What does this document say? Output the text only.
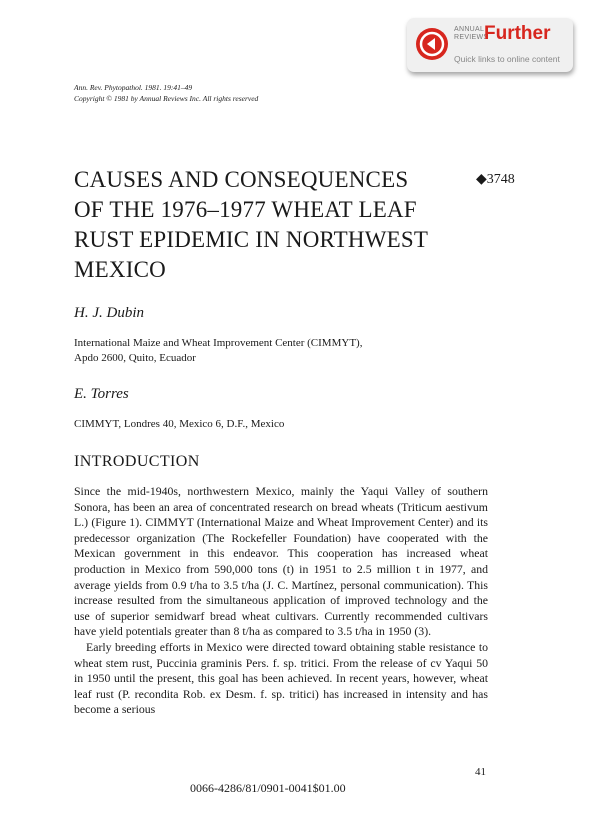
ANNUAL
REVIEWS
Further
Quick links to online content
Ann. Rev. Phytopathol. 1981. 19:41–49
Copyright © 1981 by Annual Reviews Inc. All rights reserved
CAUSES AND CONSEQUENCES
OF THE 1976–1977 WHEAT LEAF
RUST EPIDEMIC IN NORTHWEST
MEXICO
◆3748
H. J. Dubin
International Maize and Wheat Improvement Center (CIMMYT),
Apdo 2600, Quito, Ecuador
E. Torres
CIMMYT, Londres 40, Mexico 6, D.F., Mexico
INTRODUCTION

Since the mid-1940s, northwestern Mexico, mainly the Yaqui Valley of southern Sonora, has been an area of concentrated research on bread wheats (Triticum aestivum L.) (Figure 1). CIMMYT (International Maize and Wheat Improvement Center) and its predecessor organization (The Rockefeller Foundation) have cooperated with the Mexican government in this endeavor. This cooperation has increased wheat production in Mexico from 590,000 tons (t) in 1951 to 2.5 million t in 1977, and average yields from 0.9 t/ha to 3.5 t/ha (J. C. Martínez, personal communication). This increase resulted from the simultaneous application of improved technology and the use of superior semidwarf bread wheat cultivars. Currently recommended cultivars have yield potentials greater than 8 t/ha as compared to 3.5 t/ha in 1950 (3).

Early breeding efforts in Mexico were directed toward obtaining stable resistance to wheat stem rust, Puccinia graminis Pers. f. sp. tritici. From the release of cv Yaqui 50 in 1950 until the present, this goal has been achieved. In recent years, however, wheat leaf rust (P. recondita Rob. ex Desm. f. sp. tritici) has increased in intensity and has become a serious

41
0066-4286/81/0901-0041$01.00
